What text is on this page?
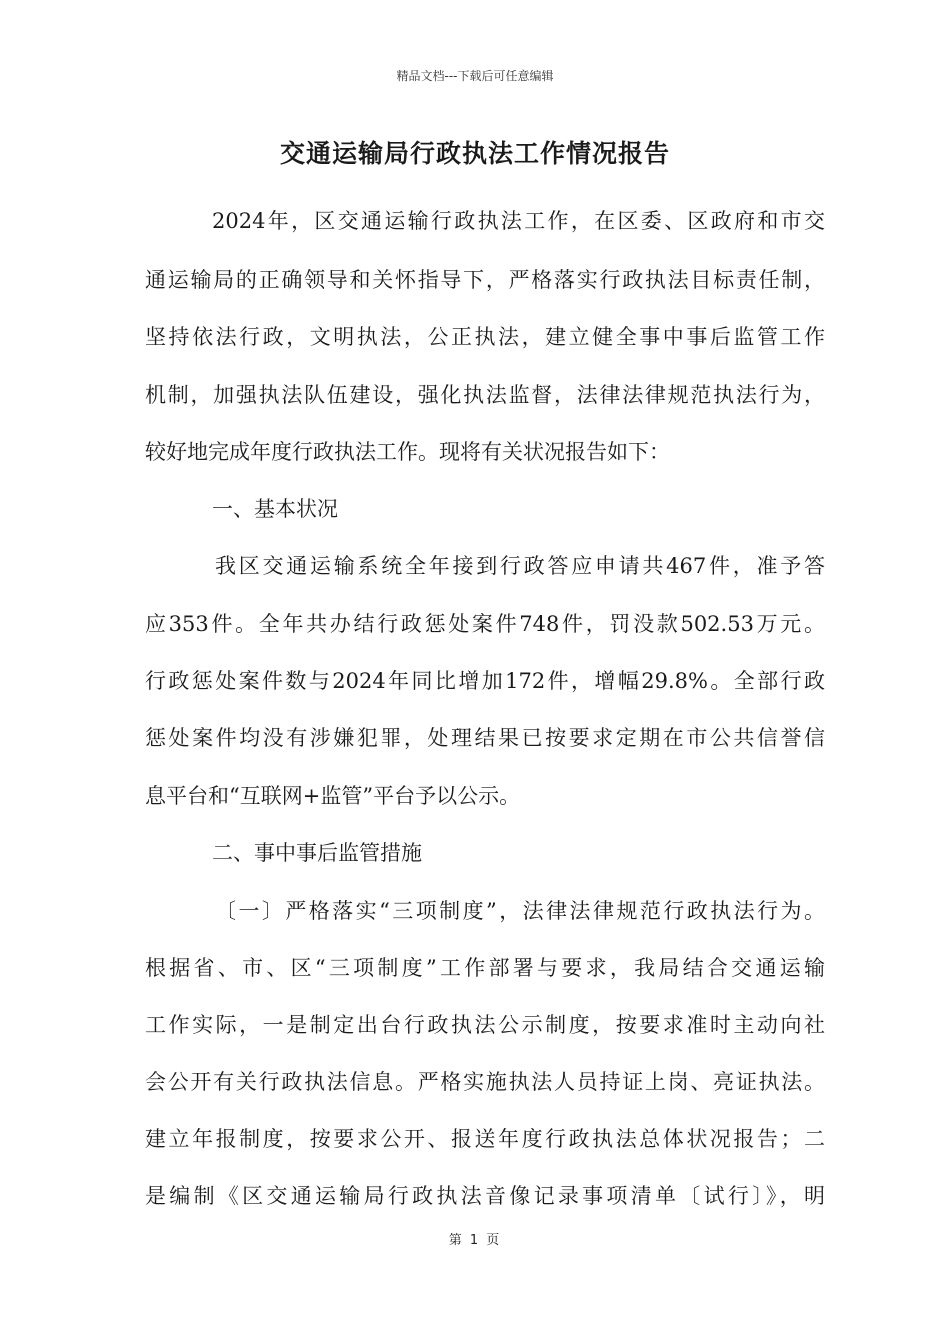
精品文档---下载后可任意编辑
交通运输局行政执法工作情况报告

2024年，区交通运输行政执法工作，在区委、区政府和市交

通运输局的正确领导和关怀指导下，严格落实行政执法目标责任制，

坚持依法行政，文明执法，公正执法，建立健全事中事后监管工作

机制，加强执法队伍建设，强化执法监督，法律法律规范执法行为，

较好地完成年度行政执法工作。现将有关状况报告如下：

一、基本状况

我区交通运输系统全年接到行政答应申请共467件，准予答

应353件。全年共办结行政惩处案件748件，罚没款502.53万元。

行政惩处案件数与2024年同比增加172件，增幅29.8%。全部行政

惩处案件均没有涉嫌犯罪，处理结果已按要求定期在市公共信誉信

息平台和“互联网+监管”平台予以公示。

二、事中事后监管措施

〔一〕严格落实“三项制度”，法律法律规范行政执法行为。

根据省、市、区“三项制度”工作部署与要求，我局结合交通运输

工作实际，一是制定出台行政执法公示制度，按要求准时主动向社

会公开有关行政执法信息。严格实施执法人员持证上岗、亮证执法。

建立年报制度，按要求公开、报送年度行政执法总体状况报告；二

是编制《区交通运输局行政执法音像记录事项清单〔试行〕》，明

第 1 页
